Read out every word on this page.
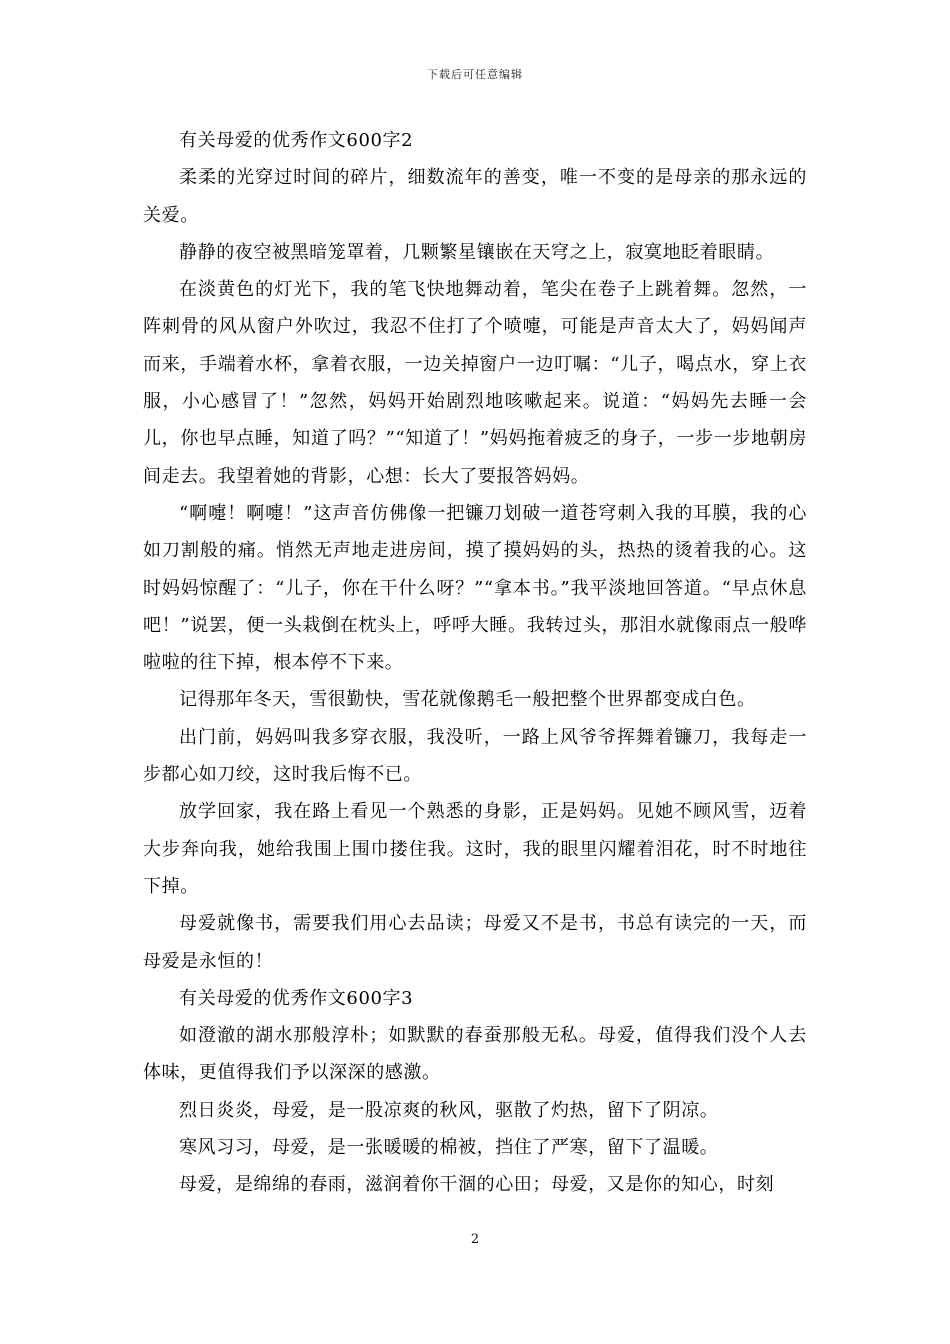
下载后可任意编辑

有关母爱的优秀作文600字2

柔柔的光穿过时间的碎片，细数流年的善变，唯一不变的是母亲的那永远的关爱。

静静的夜空被黑暗笼罩着，几颗繁星镶嵌在天穹之上，寂寞地眨着眼睛。

在淡黄色的灯光下，我的笔飞快地舞动着，笔尖在卷子上跳着舞。忽然，一阵刺骨的风从窗户外吹过，我忍不住打了个喷嚏，可能是声音太大了，妈妈闻声而来，手端着水杯，拿着衣服，一边关掉窗户一边叮嘱：“儿子，喝点水，穿上衣服，小心感冒了！”忽然，妈妈开始剧烈地咳嗽起来。说道：“妈妈先去睡一会儿，你也早点睡，知道了吗？”“知道了！”妈妈拖着疲乏的身子，一步一步地朝房间走去。我望着她的背影，心想：长大了要报答妈妈。

“啊嚏！啊嚏！”这声音仿佛像一把镰刀划破一道苍穹刺入我的耳膜，我的心如刀割般的痛。悄然无声地走进房间，摸了摸妈妈的头，热热的烫着我的心。这时妈妈惊醒了：“儿子，你在干什么呀？”“拿本书。”我平淡地回答道。“早点休息吧！”说罢，便一头栽倒在枕头上，呼呼大睡。我转过头，那泪水就像雨点一般哗啦啦的往下掉，根本停不下来。

记得那年冬天，雪很勤快，雪花就像鹅毛一般把整个世界都变成白色。

出门前，妈妈叫我多穿衣服，我没听，一路上风爷爷挥舞着镰刀，我每走一步都心如刀绞，这时我后悔不已。

放学回家，我在路上看见一个熟悉的身影，正是妈妈。见她不顾风雪，迈着大步奔向我，她给我围上围巾搂住我。这时，我的眼里闪耀着泪花，时不时地往下掉。

母爱就像书，需要我们用心去品读；母爱又不是书，书总有读完的一天，而母爱是永恒的！

有关母爱的优秀作文600字3

如澄澈的湖水那般淳朴；如默默的春蚕那般无私。母爱，值得我们没个人去体味，更值得我们予以深深的感激。

烈日炎炎，母爱，是一股凉爽的秋风，驱散了灼热，留下了阴凉。

寒风习习，母爱，是一张暖暖的棉被，挡住了严寒，留下了温暖。

母爱，是绵绵的春雨，滋润着你干涸的心田；母爱，又是你的知心，时刻

2
